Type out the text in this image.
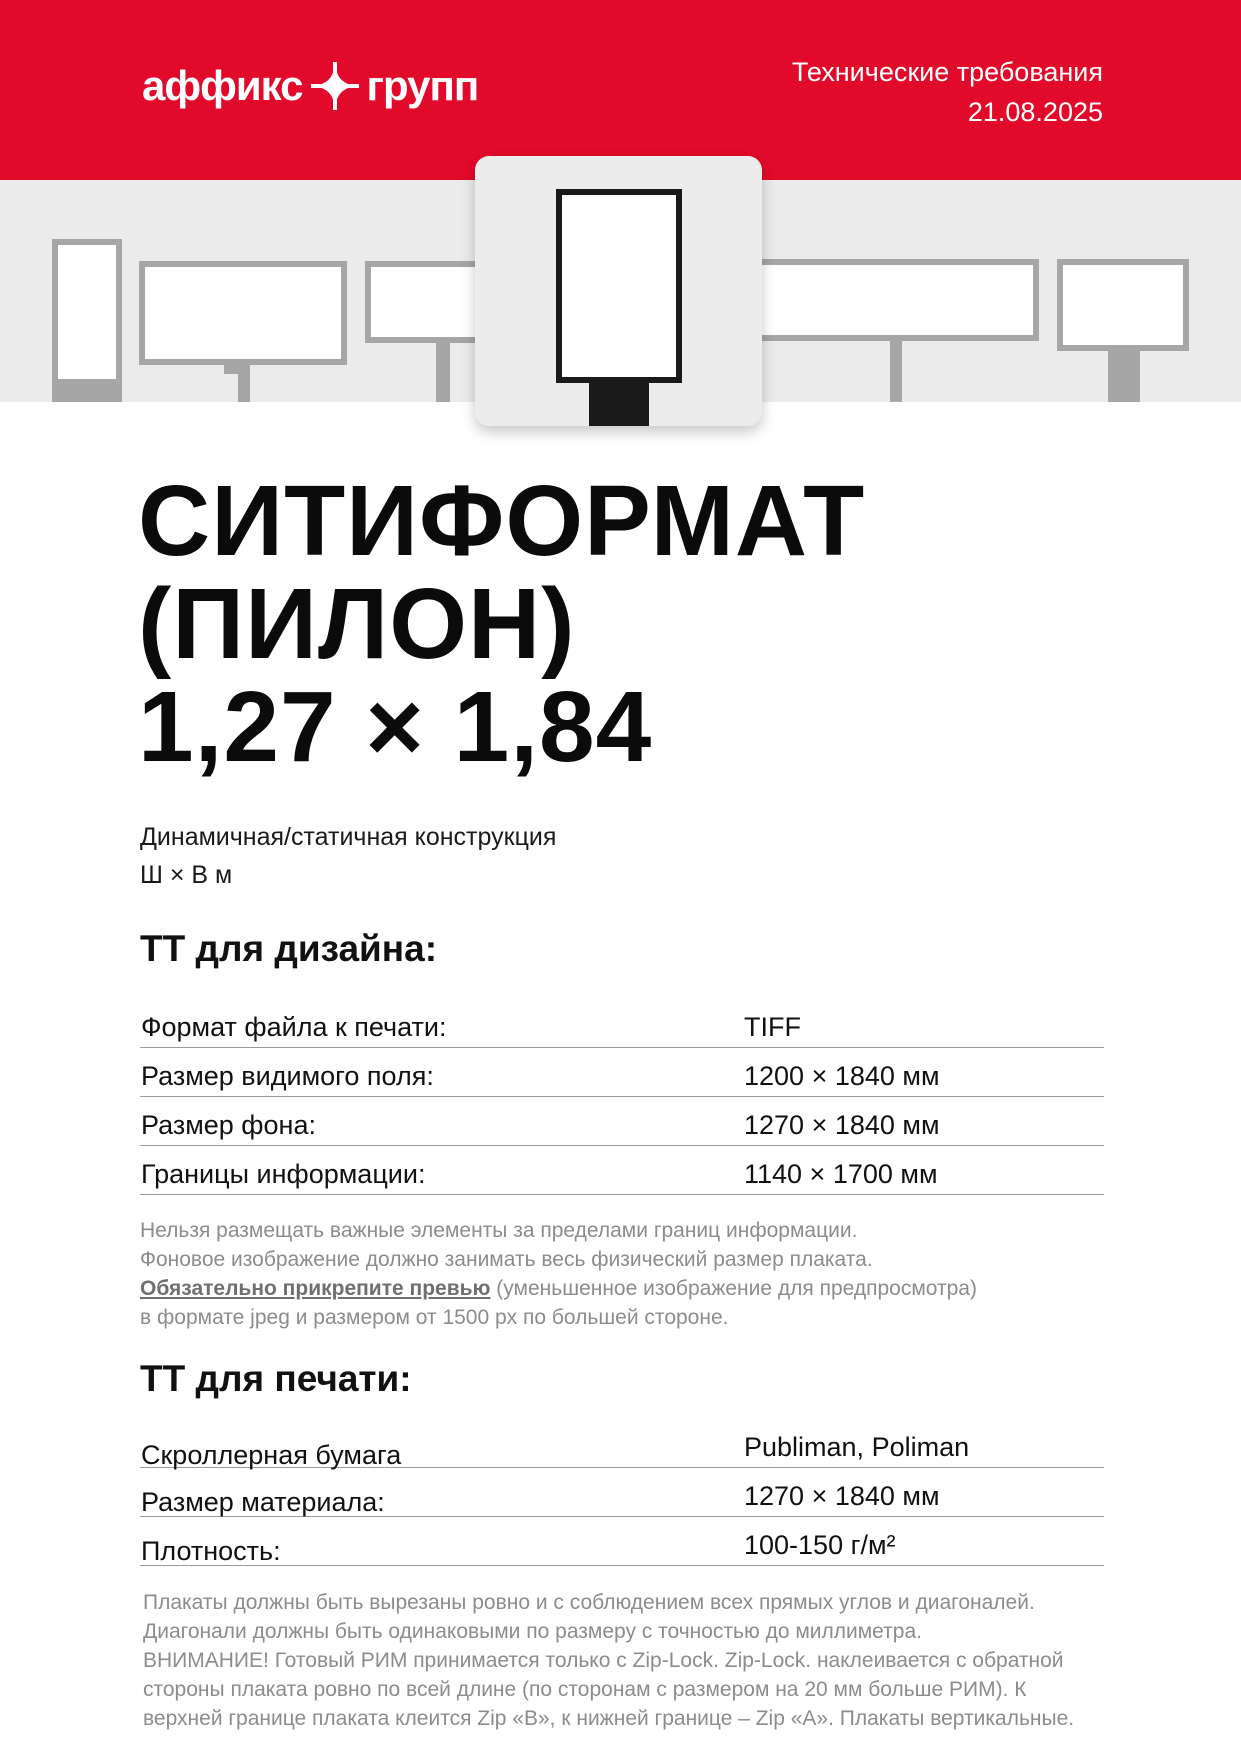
аффикс групп	Технические требования
21.08.2025
СИТИФОРМАТ
(ПИЛОН)
1,27 × 1,84
Динамичная/статичная конструкция
Ш × В м
ТТ для дизайна:
Формат файла к печати:	TIFF
Размер видимого поля:	1200 × 1840 мм
Размер фона:	1270 × 1840 мм
Границы информации:	1140 × 1700 мм
Нельзя размещать важные элементы за пределами границ информации.
Фоновое изображение должно занимать весь физический размер плаката.
Обязательно прикрепите превью (уменьшенное изображение для предпросмотра)
в формате jpeg и размером от 1500 px по большей стороне.
ТТ для печати:
Скроллерная бумага	Publiman, Poliman
Размер материала:	1270 × 1840 мм
Плотность:	100-150 г/м²
Плакаты должны быть вырезаны ровно и с соблюдением всех прямых углов и диагоналей.
Диагонали должны быть одинаковыми по размеру с точностью до миллиметра.
ВНИМАНИЕ! Готовый РИМ принимается только с Zip-Lock. Zip-Lock. наклеивается с обратной
стороны плаката ровно по всей длине (по сторонам с размером на 20 мм больше РИМ). К
верхней границе плаката клеится Zip «B», к нижней границе – Zip «A». Плакаты вертикальные.
